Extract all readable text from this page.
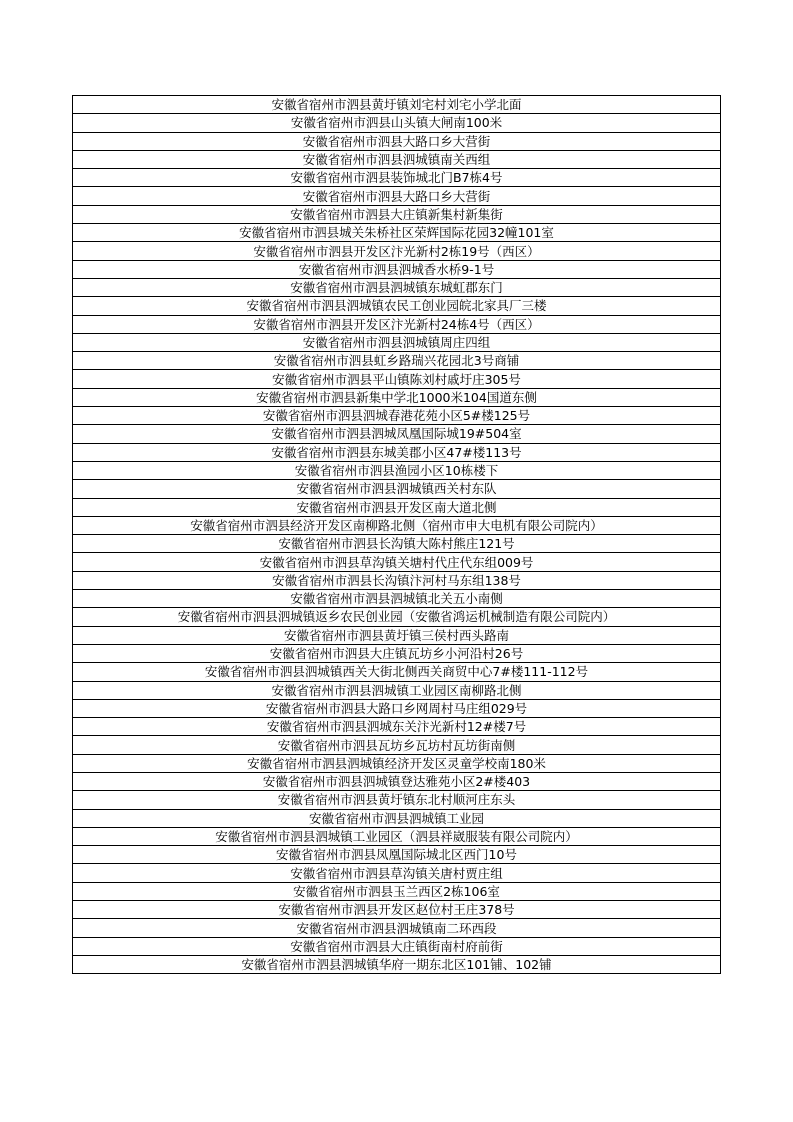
安徽省宿州市泗县黄圩镇刘宅村刘宅小学北面
安徽省宿州市泗县山头镇大闸南100米
安徽省宿州市泗县大路口乡大营街
安徽省宿州市泗县泗城镇南关西组
安徽省宿州市泗县装饰城北门B7栋4号
安徽省宿州市泗县大路口乡大营街
安徽省宿州市泗县大庄镇新集村新集街
安徽省宿州市泗县城关朱桥社区荣辉国际花园32幢101室
安徽省宿州市泗县开发区汴光新村2栋19号（西区）
安徽省宿州市泗县泗城香水桥9-1号
安徽省宿州市泗县泗城镇东城虹郡东门
安徽省宿州市泗县泗城镇农民工创业园皖北家具厂三楼
安徽省宿州市泗县开发区汴光新村24栋4号（西区）
安徽省宿州市泗县泗城镇周庄四组
安徽省宿州市泗县虹乡路瑞兴花园北3号商铺
安徽省宿州市泗县平山镇陈刘村戚圩庄305号
安徽省宿州市泗县新集中学北1000米104国道东侧
安徽省宿州市泗县泗城春港花苑小区5#楼125号
安徽省宿州市泗县泗城凤凰国际城19#504室
安徽省宿州市泗县东城美郡小区47#楼113号
安徽省宿州市泗县渔园小区10栋楼下
安徽省宿州市泗县泗城镇西关村东队
安徽省宿州市泗县开发区南大道北侧
安徽省宿州市泗县经济开发区南柳路北侧（宿州市申大电机有限公司院内）
安徽省宿州市泗县长沟镇大陈村熊庄121号
安徽省宿州市泗县草沟镇关塘村代庄代东组009号
安徽省宿州市泗县长沟镇汴河村马东组138号
安徽省宿州市泗县泗城镇北关五小南侧
安徽省宿州市泗县泗城镇返乡农民创业园（安徽省鸿运机械制造有限公司院内）
安徽省宿州市泗县黄圩镇三侯村西头路南
安徽省宿州市泗县大庄镇瓦坊乡小河沿村26号
安徽省宿州市泗县泗城镇西关大街北侧西关商贸中心7#楼111-112号
安徽省宿州市泗县泗城镇工业园区南柳路北侧
安徽省宿州市泗县大路口乡网周村马庄组029号
安徽省宿州市泗县泗城东关汴光新村12#楼7号
安徽省宿州市泗县瓦坊乡瓦坊村瓦坊街南侧
安徽省宿州市泗县泗城镇经济开发区灵童学校南180米
安徽省宿州市泗县泗城镇登达雅苑小区2#楼403
安徽省宿州市泗县黄圩镇东北村顺河庄东头
安徽省宿州市泗县泗城镇工业园
安徽省宿州市泗县泗城镇工业园区（泗县祥崴服装有限公司院内）
安徽省宿州市泗县凤凰国际城北区西门10号
安徽省宿州市泗县草沟镇关唐村贾庄组
安徽省宿州市泗县玉兰西区2栋106室
安徽省宿州市泗县开发区赵位村王庄378号
安徽省宿州市泗县泗城镇南二环西段
安徽省宿州市泗县大庄镇街南村府前街
安徽省宿州市泗县泗城镇华府一期东北区101铺、102铺
